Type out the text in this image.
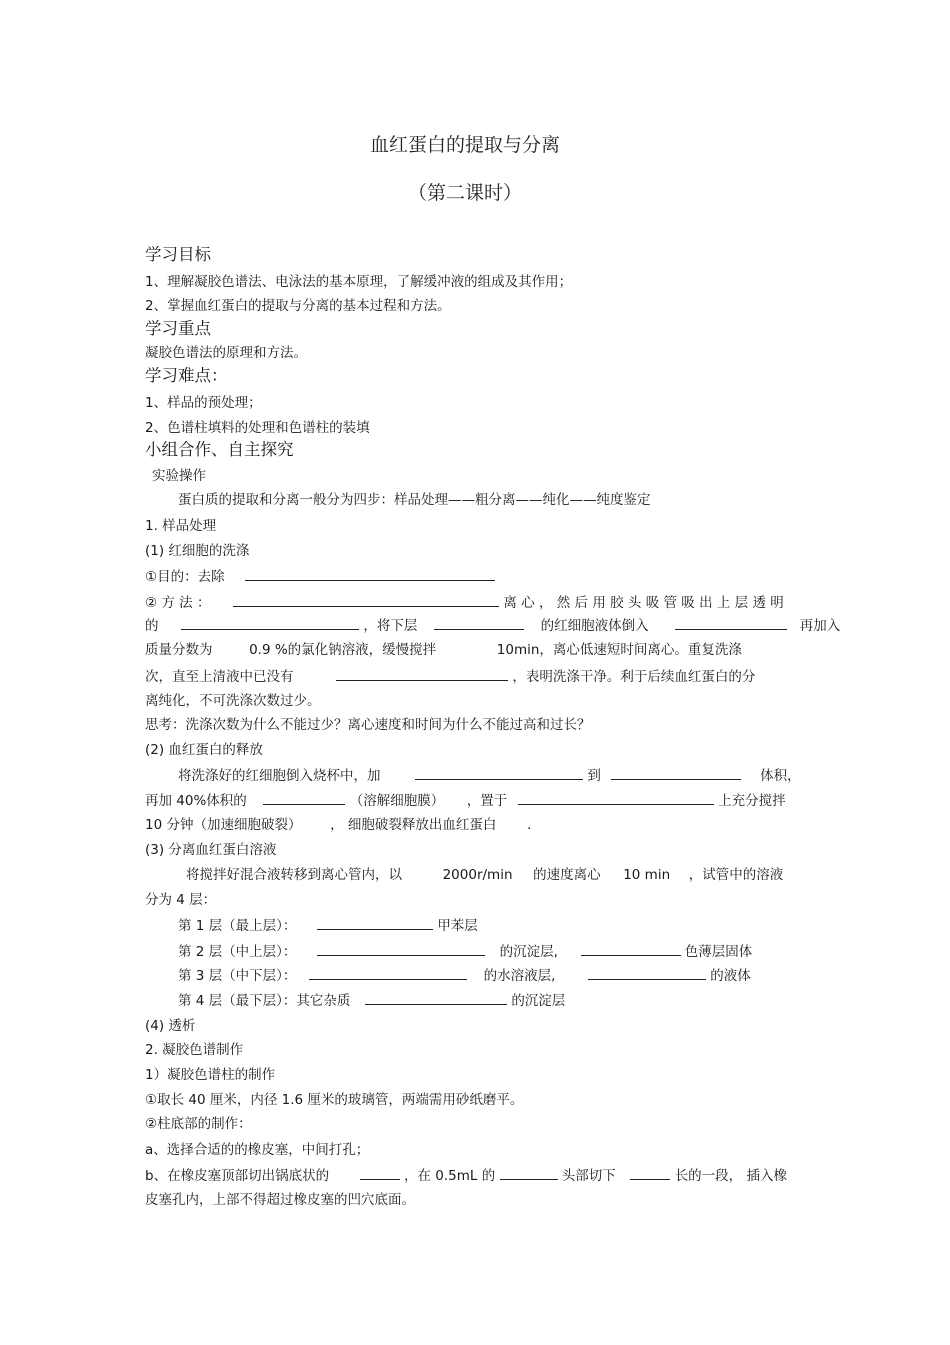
血红蛋白的提取与分离
（第二课时）
学习目标
1、理解凝胶色谱法、电泳法的基本原理，了解缓冲液的组成及其作用；
2、掌握血红蛋白的提取与分离的基本过程和方法。
学习重点
凝胶色谱法的原理和方法。
学习难点：
1、样品的预处理；
2、色谱柱填料的处理和色谱柱的装填
小组合作、自主探究
实验操作
蛋白质的提取和分离一般分为四步：样品处理——粗分离——纯化——纯度鉴定
1. 样品处理
(1) 红细胞的洗涤
①目的：去除
② 方 法 ：	离 心 ， 然 后 用 胶 头 吸 管 吸 出 上 层 透 明
的	，将下层	的红细胞液体倒入	再加入
质量分数为	0.9 %的氯化钠溶液，缓慢搅拌	10min，离心低速短时间离心。重复洗涤
次，直至上清液中已没有	，表明洗涤干净。利于后续血红蛋白的分
离纯化，不可洗涤次数过少。
思考：洗涤次数为什么不能过少？离心速度和时间为什么不能过高和过长？
(2) 血红蛋白的释放
将洗涤好的红细胞倒入烧杯中，加	到	体积，
再加 40%体积的	（溶解细胞膜） ，置于	上充分搅拌
10 分钟（加速细胞破裂） ， 细胞破裂释放出血红蛋白 .
(3) 分离血红蛋白溶液
将搅拌好混合液转移到离心管内，以	2000r/min 的速度离心 10 min ，试管中的溶液
分为 4 层：
第 1 层（最上层）：	甲苯层
第 2 层（中上层）：	的沉淀层,	色薄层固体
第 3 层（中下层）：	的水溶液层,	的液体
第 4 层（最下层）：其它杂质	的沉淀层
(4) 透析
2. 凝胶色谱制作
1）凝胶色谱柱的制作
①取长 40 厘米，内径 1.6 厘米的玻璃管，两端需用砂纸磨平。
②柱底部的制作：
a、选择合适的的橡皮塞，中间打孔；
b、在橡皮塞顶部切出锅底状的	，在 0.5mL 的	头部切下	长的一段， 插入橡
皮塞孔内，上部不得超过橡皮塞的凹穴底面。
